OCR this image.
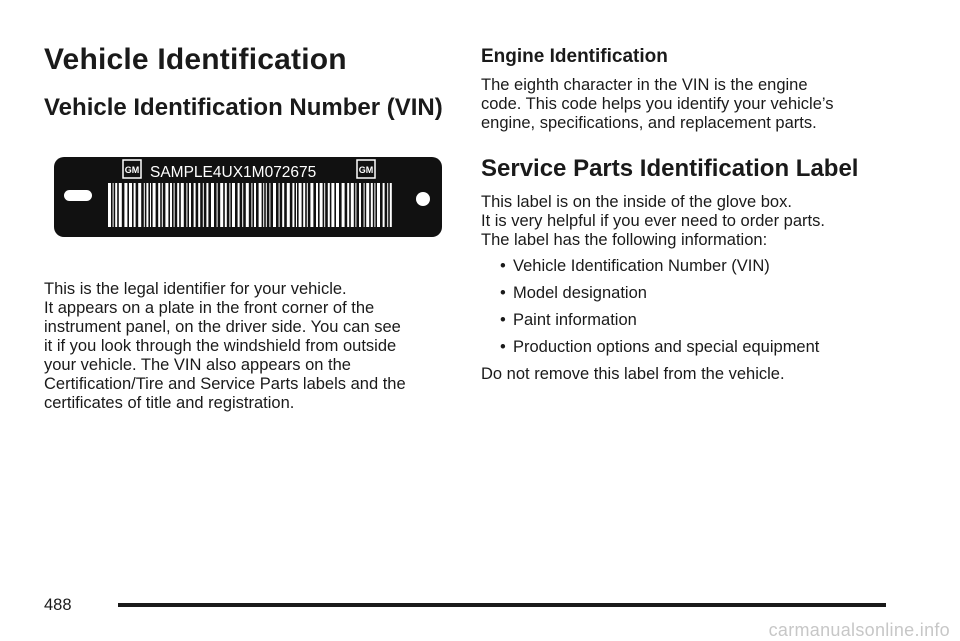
Vehicle Identification
Vehicle Identification Number (VIN)
GM	GM
SAMPLE4UX1M072675

This is the legal identifier for your vehicle.
It appears on a plate in the front corner of the
instrument panel, on the driver side. You can see
it if you look through the windshield from outside
your vehicle. The VIN also appears on the
Certification/Tire and Service Parts labels and the
certificates of title and registration.

Engine Identification

The eighth character in the VIN is the engine
code. This code helps you identify your vehicle’s
engine, specifications, and replacement parts.

Service Parts Identification Label

This label is on the inside of the glove box.
It is very helpful if you ever need to order parts.
The label has the following information:

• Vehicle Identification Number (VIN)
• Model designation
• Paint information
• Production options and special equipment

Do not remove this label from the vehicle.

488
carmanualsonline.info
